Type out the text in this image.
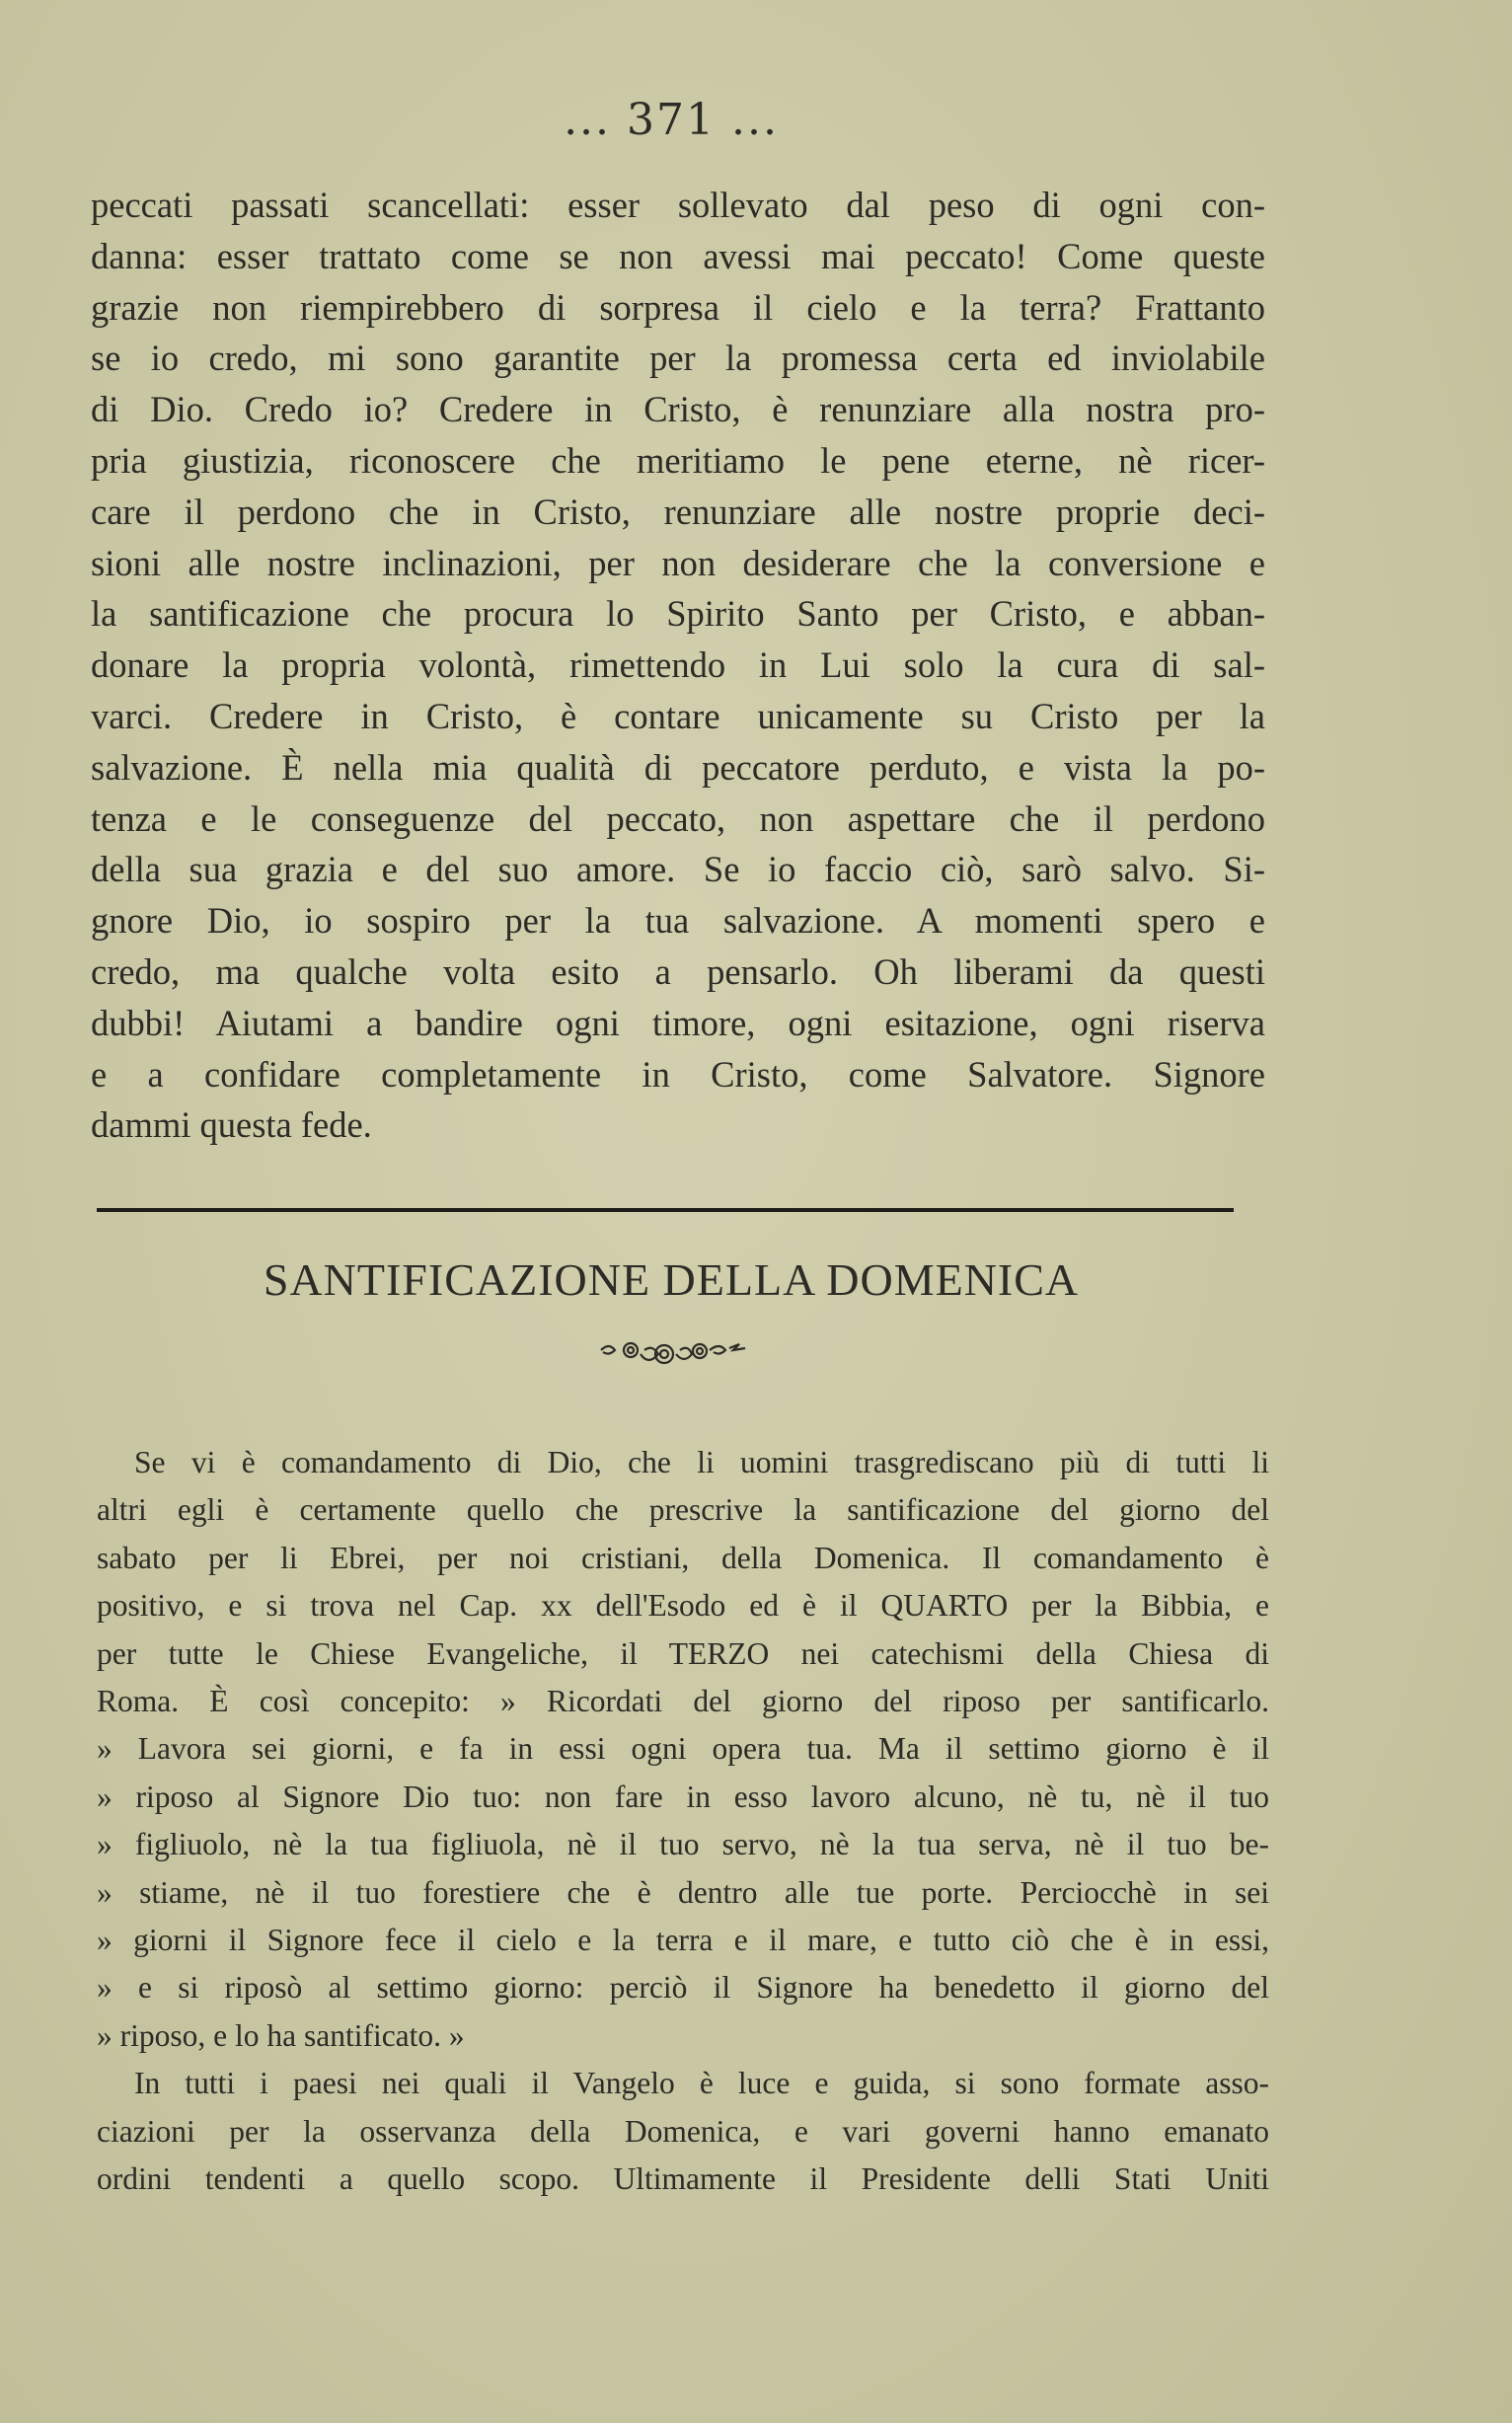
... 371 ...
peccati passati scancellati: esser sollevato dal peso di ogni con-
danna: esser trattato come se non avessi mai peccato! Come queste
grazie non riempirebbero di sorpresa il cielo e la terra? Frattanto
se io credo, mi sono garantite per la promessa certa ed inviolabile
di Dio. Credo io? Credere in Cristo, è renunziare alla nostra pro-
pria giustizia, riconoscere che meritiamo le pene eterne, nè ricer-
care il perdono che in Cristo, renunziare alle nostre proprie deci-
sioni alle nostre inclinazioni, per non desiderare che la conversione e
la santificazione che procura lo Spirito Santo per Cristo, e abban-
donare la propria volontà, rimettendo in Lui solo la cura di sal-
varci. Credere in Cristo, è contare unicamente su Cristo per la
salvazione. È nella mia qualità di peccatore perduto, e vista la po-
tenza e le conseguenze del peccato, non aspettare che il perdono
della sua grazia e del suo amore. Se io faccio ciò, sarò salvo. Si-
gnore Dio, io sospiro per la tua salvazione. A momenti spero e
credo, ma qualche volta esito a pensarlo. Oh liberami da questi
dubbi! Aiutami a bandire ogni timore, ogni esitazione, ogni riserva
e a confidare completamente in Cristo, come Salvatore. Signore
dammi questa fede.
SANTIFICAZIONE DELLA DOMENICA
Se vi è comandamento di Dio, che li uomini trasgrediscano più di tutti li
altri egli è certamente quello che prescrive la santificazione del giorno del
sabato per li Ebrei, per noi cristiani, della Domenica. Il comandamento è
positivo, e si trova nel Cap. xx dell'Esodo ed è il QUARTO per la Bibbia, e
per tutte le Chiese Evangeliche, il TERZO nei catechismi della Chiesa di
Roma. È così concepito: » Ricordati del giorno del riposo per santificarlo.
» Lavora sei giorni, e fa in essi ogni opera tua. Ma il settimo giorno è il
» riposo al Signore Dio tuo: non fare in esso lavoro alcuno, nè tu, nè il tuo
» figliuolo, nè la tua figliuola, nè il tuo servo, nè la tua serva, nè il tuo be-
» stiame, nè il tuo forestiere che è dentro alle tue porte. Perciocchè in sei
» giorni il Signore fece il cielo e la terra e il mare, e tutto ciò che è in essi,
» e si riposò al settimo giorno: perciò il Signore ha benedetto il giorno del
» riposo, e lo ha santificato. »
In tutti i paesi nei quali il Vangelo è luce e guida, si sono formate asso-
ciazioni per la osservanza della Domenica, e vari governi hanno emanato
ordini tendenti a quello scopo. Ultimamente il Presidente delli Stati Uniti
